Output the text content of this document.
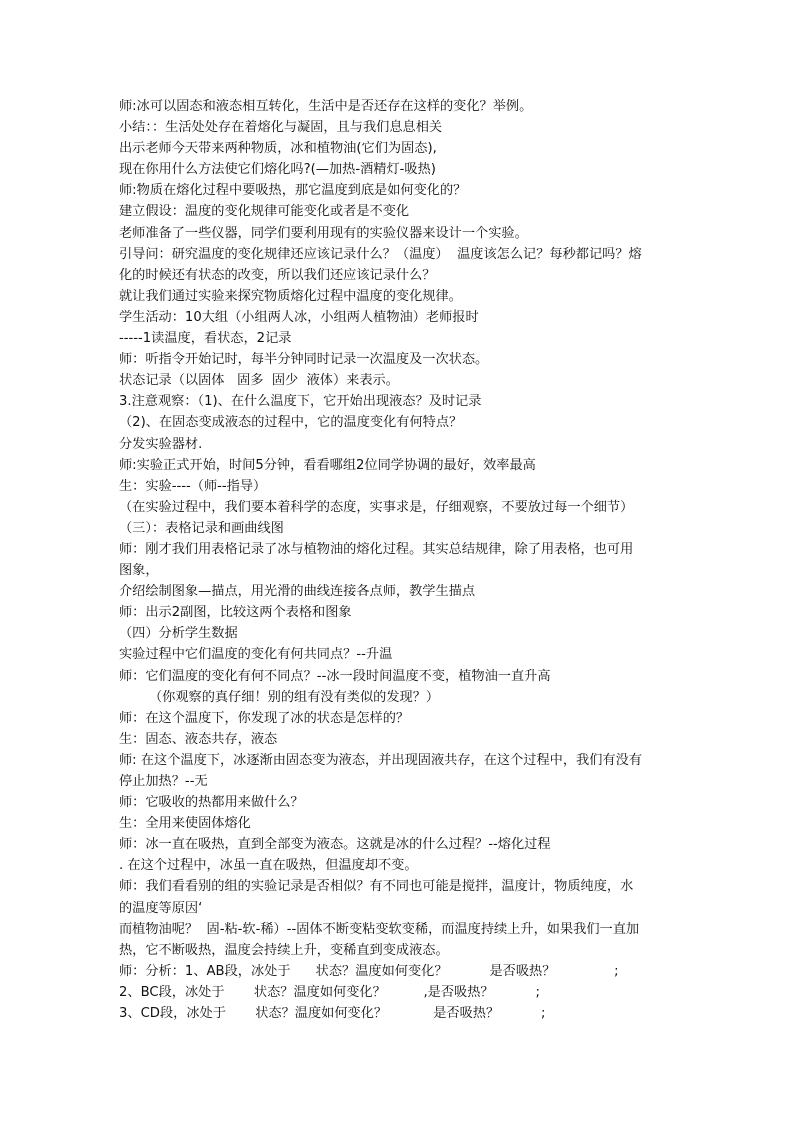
师:冰可以固态和液态相互转化，生活中是否还存在这样的变化？举例。
小结：：生活处处存在着熔化与凝固，且与我们息息相关
出示老师今天带来两种物质，冰和植物油(它们为固态),
现在你用什么方法使它们熔化吗?(—加热-酒精灯-吸热)
师:物质在熔化过程中要吸热，那它温度到底是如何变化的？
建立假设：温度的变化规律可能变化或者是不变化
老师准备了一些仪器，同学们要利用现有的实验仪器来设计一个实验。
引导问：研究温度的变化规律还应该记录什么？（温度）  温度该怎么记？每秒都记吗？熔
化的时候还有状态的改变，所以我们还应该记录什么？
就让我们通过实验来探究物质熔化过程中温度的变化规律。
学生活动：10大组（小组两人冰，小组两人植物油）老师报时
-----1读温度，看状态，2记录
师：听指令开始记时，每半分钟同时记录一次温度及一次状态。
状态记录（以固体   固多  固少  液体）来表示。
3.注意观察：（1)、在什么温度下，它开始出现液态？及时记录
（2)、在固态变成液态的过程中，它的温度变化有何特点？
分发实验器材.
师:实验正式开始，时间5分钟，看看哪组2位同学协调的最好，效率最高
生：实验----（师--指导）
（在实验过程中，我们要本着科学的态度，实事求是，仔细观察，不要放过每一个细节）
（三）：表格记录和画曲线图
师：刚才我们用表格记录了冰与植物油的熔化过程。其实总结规律，除了用表格，也可用
图象，
介绍绘制图象—描点，用光滑的曲线连接各点师，教学生描点
师：出示2副图，比较这两个表格和图象
（四）分析学生数据
实验过程中它们温度的变化有何共同点？--升温
师：它们温度的变化有何不同点？--冰一段时间温度不变，植物油一直升高
（你观察的真仔细！别的组有没有类似的发现？）
师：在这个温度下，你发现了冰的状态是怎样的？
生：固态、液态共存，液态
师: 在这个温度下，冰逐渐由固态变为液态，并出现固液共存，在这个过程中，我们有没有
停止加热？--无
师：它吸收的热都用来做什么？
生：全用来使固体熔化
师：冰一直在吸热，直到全部变为液态。这就是冰的什么过程？--熔化过程
. 在这个过程中，冰虽一直在吸热，但温度却不变。
师：我们看看别的组的实验记录是否相似？有不同也可能是搅拌，温度计，物质纯度，水
的温度等原因‘
而植物油呢？  固-粘-软-稀）--固体不断变粘变软变稀，而温度持续上升，如果我们一直加
热，它不断吸热，温度会持续上升，变稀直到变成液态。
师：分析：1、AB段，冰处于      状态？温度如何变化？          是否吸热？              ;
2、BC段，冰处于       状态？温度如何变化？         ,是否吸热？          ;
3、CD段，冰处于       状态？温度如何变化？           是否吸热？          ;
